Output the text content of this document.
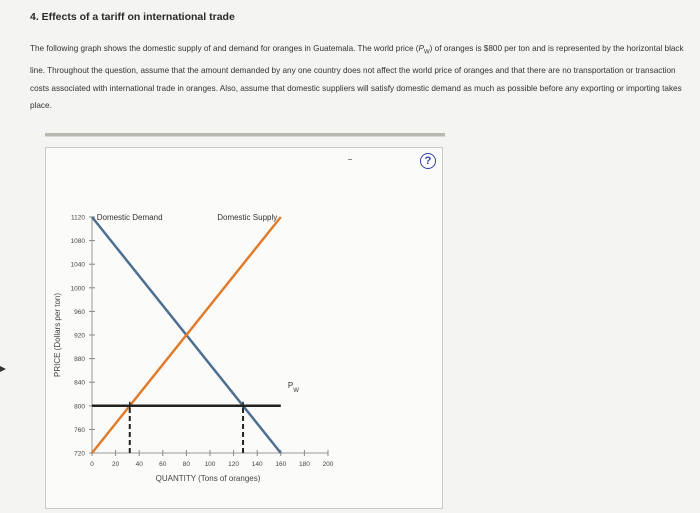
4. Effects of a tariff on international trade

The following graph shows the domestic supply of and demand for oranges in Guatemala. The world price $(P_W)$ of oranges is $800 per ton and is represented by the horizontal black line. Throughout the question, assume that the amount demanded by any one country does not affect the world price of oranges and that there are no transportation or transaction costs associated with international trade in oranges. Also, assume that domestic suppliers will satisfy domestic demand as much as possible before any exporting or importing takes place.

?
720
760
800
840
880
920
960
1000
1040
1080
1120
0	20	40	60	80 100 120 140 160 180 200
PRICE (Dollars per ton)
QUANTITY (Tons of oranges)
Domestic Demand	Domestic Supply
$P_W$
